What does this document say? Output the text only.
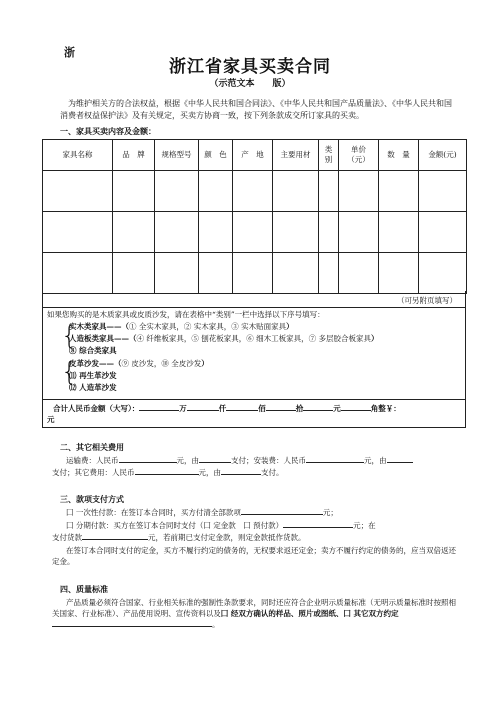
浙
浙江省家具买卖合同
（示范文本　　版）
为维护相关方的合法权益，根据《中华人民共和国合同法》、《中华人民共和国产品质量法》、《中华人民共和国消费者权益保护法》及有关规定，买卖方协商一致，按下列条款成交所订家具的买卖。
一、家具买卖内容及金额：
家具名称	品　牌	规格型号	颜　色	产　地	主要用材	类别	单价（元）	数　量	金额(元)

（可另附页填写）
如果您购买的是木质家具或皮质沙发，请在表格中“类别”一栏中选择以下序号填写：
{
实木类家具——（① 全实木家具，② 实木家具，③ 实木贴面家具）
人造板类家具——（④ 纤维板家具，⑤ 刨花板家具，⑥ 细木工板家具，⑦ 多层胶合板家具）
⑧ 综合类家具
{
皮革沙发——（⑨ 皮沙发，⑩ 全皮沙发）
⑾ 再生革沙发
⑿ 人造革沙发
合计人民币金额（大写）：	万	仟	佰	拾	元	角整￥：
元
二、其它相关费用
运输费：人民币	元，由	支付；安装费：人民币	元，由
支付；其它费用：人民币	元，由	支付。
三、款项支付方式
囗 一次性付款：在签订本合同时，买方付清全部款项	元；
囗 分期付款：买方在签订本合同时支付（囗 定金款　囗 预付款）	元；在
支付货款	元，若前期已支付定金款，则定金款抵作货款。
在签订本合同时支付的定金，买方不履行约定的债务的，无权要求返还定金；卖方不履行约定的债务的，应当双倍返还定金。
四、质量标准
产品质量必须符合国家、行业相关标准的强制性条款要求，同时还应符合企业明示质量标准（无明示质量标准时按照相关国家、行业标准）、产品使用说明、宣传资料以及囗 经双方确认的样品、照片或图纸、囗 其它双方约定。
